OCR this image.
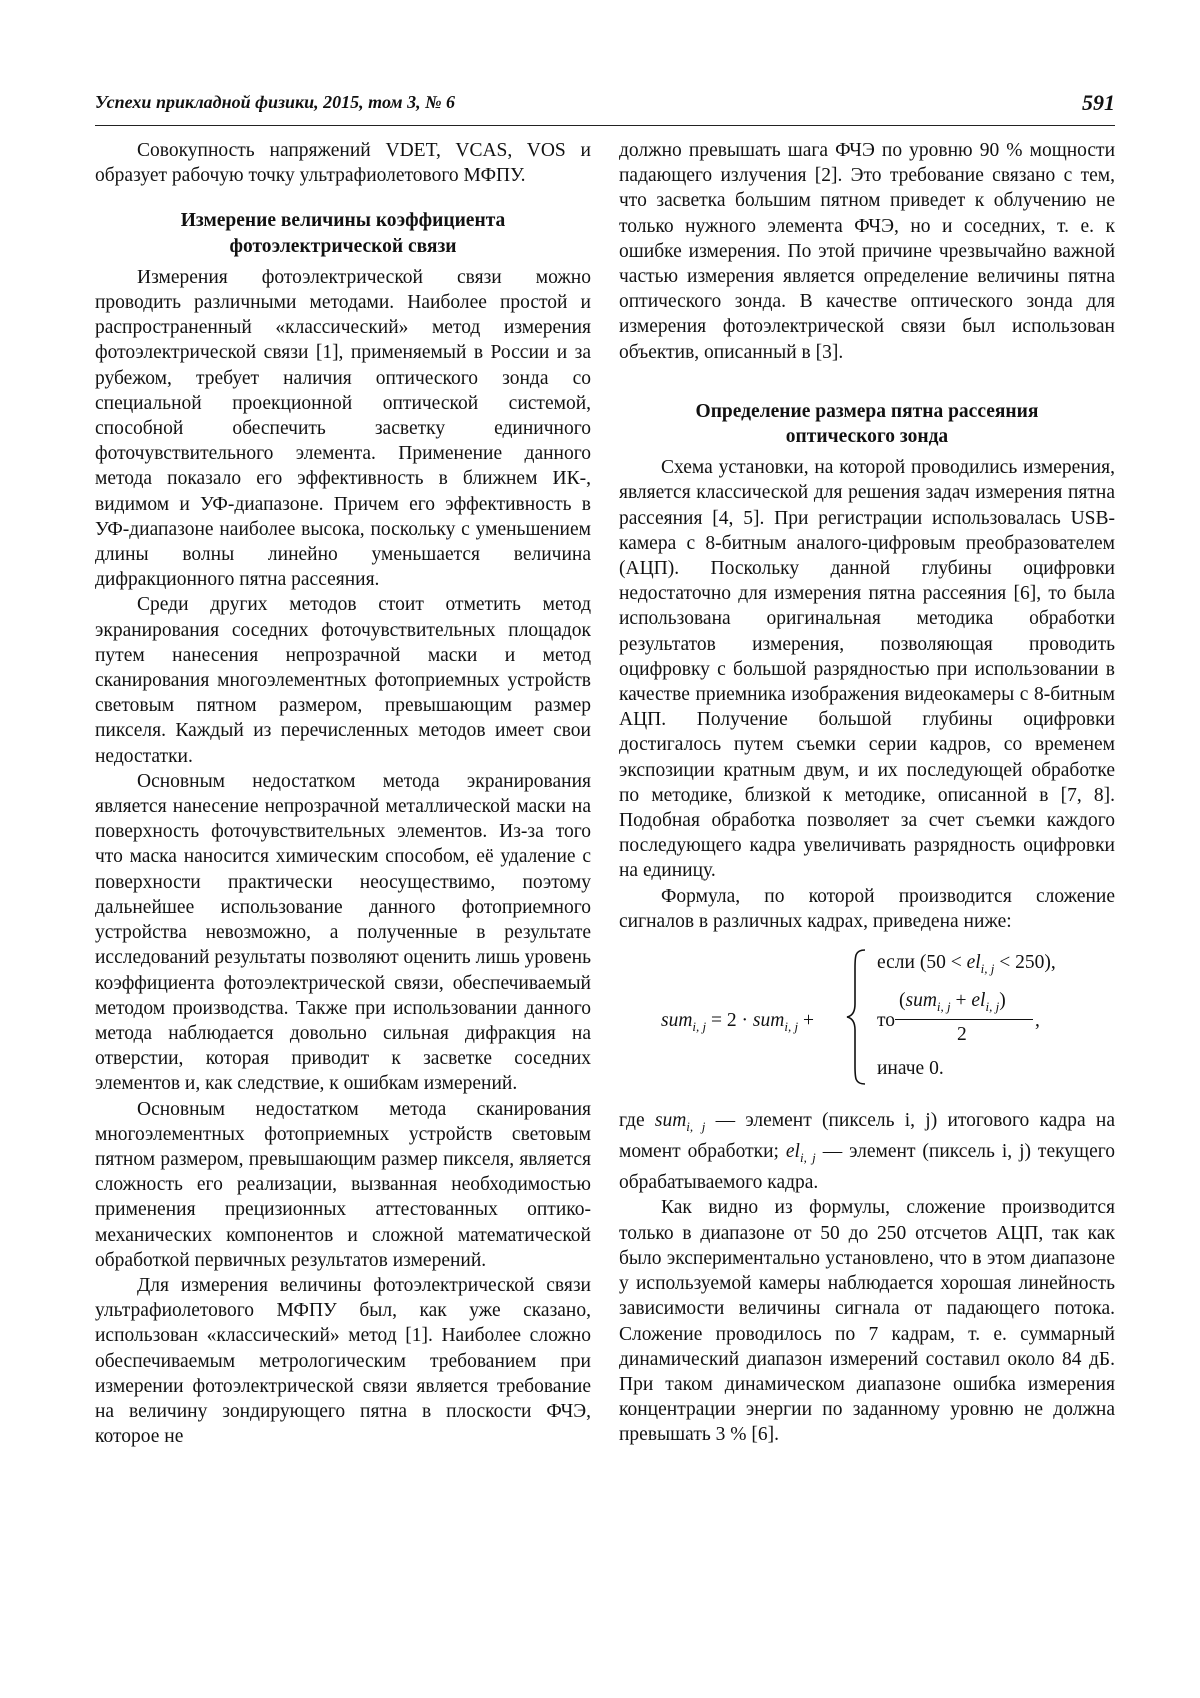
Успехи прикладной физики, 2015, том 3, № 6	591

Совокупность напряжений VDET, VCAS, VOS и образует рабочую точку ультрафиолетового МФПУ.

Измерение величины коэффициента
фотоэлектрической связи

Измерения фотоэлектрической связи можно проводить различными методами. Наиболее простой и распространенный «классический» метод измерения фотоэлектрической связи [1], применяемый в России и за рубежом, требует наличия оптического зонда со специальной проекционной оптической системой, способной обеспечить засветку единичного фоточувствительного элемента. Применение данного метода показало его эффективность в ближнем ИК-, видимом и УФ-диапазоне. Причем его эффективность в УФ-диапазоне наиболее высока, поскольку с уменьшением длины волны линейно уменьшается величина дифракционного пятна рассеяния.

Среди других методов стоит отметить метод экранирования соседних фоточувствительных площадок путем нанесения непрозрачной маски и метод сканирования многоэлементных фотоприемных устройств световым пятном размером, превышающим размер пикселя. Каждый из перечисленных методов имеет свои недостатки.

Основным недостатком метода экранирования является нанесение непрозрачной металлической маски на поверхность фоточувствительных элементов. Из-за того что маска наносится химическим способом, её удаление с поверхности практически неосуществимо, поэтому дальнейшее использование данного фотоприемного устройства невозможно, а полученные в результате исследований результаты позволяют оценить лишь уровень коэффициента фотоэлектрической связи, обеспечиваемый методом производства. Также при использовании данного метода наблюдается довольно сильная дифракция на отверстии, которая приводит к засветке соседних элементов и, как следствие, к ошибкам измерений.

Основным недостатком метода сканирования многоэлементных фотоприемных устройств световым пятном размером, превышающим размер пикселя, является сложность его реализации, вызванная необходимостью применения прецизионных аттестованных оптико-механических компонентов и сложной математической обработкой первичных результатов измерений.

Для измерения величины фотоэлектрической связи ультрафиолетового МФПУ был, как уже сказано, использован «классический» метод [1]. Наиболее сложно обеспечиваемым метрологическим требованием при измерении фотоэлектрической связи является требование на величину зондирующего пятна в плоскости ФЧЭ, которое не

должно превышать шага ФЧЭ по уровню 90 % мощности падающего излучения [2]. Это требование связано с тем, что засветка большим пятном приведет к облучению не только нужного элемента ФЧЭ, но и соседних, т. е. к ошибке измерения. По этой причине чрезвычайно важной частью измерения является определение величины пятна оптического зонда. В качестве оптического зонда для измерения фотоэлектрической связи был использован объектив, описанный в [3].

Определение размера пятна рассеяния
оптического зонда

Схема установки, на которой проводились измерения, является классической для решения задач измерения пятна рассеяния [4, 5]. При регистрации использовалась USB-камера с 8-битным аналого-цифровым преобразователем (АЦП). Поскольку данной глубины оцифровки недостаточно для измерения пятна рассеяния [6], то была использована оригинальная методика обработки результатов измерения, позволяющая проводить оцифровку с большой разрядностью при использовании в качестве приемника изображения видеокамеры с 8-битным АЦП. Получение большой глубины оцифровки достигалось путем съемки серии кадров, со временем экспозиции кратным двум, и их последующей обработке по методике, близкой к методике, описанной в [7, 8]. Подобная обработка позволяет за счет съемки каждого последующего кадра увеличивать разрядность оцифровки на единицу.

Формула, по которой производится сложение сигналов в различных кадрах, приведена ниже:

sum$_{i, j}$ = 2 · sum$_{i, j}$ +
если $(50 < el_{i, j} < 250)$,
то
$(sum_{i, j} + el_{i, j})$
2
,
иначе 0.

где sum$_{i, j}$ — элемент (пиксель i, j) итогового кадра на момент обработки; $el_{i, j}$ — элемент (пиксель i, j) текущего обрабатываемого кадра.

Как видно из формулы, сложение производится только в диапазоне от 50 до 250 отсчетов АЦП, так как было экспериментально установлено, что в этом диапазоне у используемой камеры наблюдается хорошая линейность зависимости величины сигнала от падающего потока. Сложение проводилось по 7 кадрам, т. е. суммарный динамический диапазон измерений составил около 84 дБ. При таком динамическом диапазоне ошибка измерения концентрации энергии по заданному уровню не должна превышать 3 % [6].
